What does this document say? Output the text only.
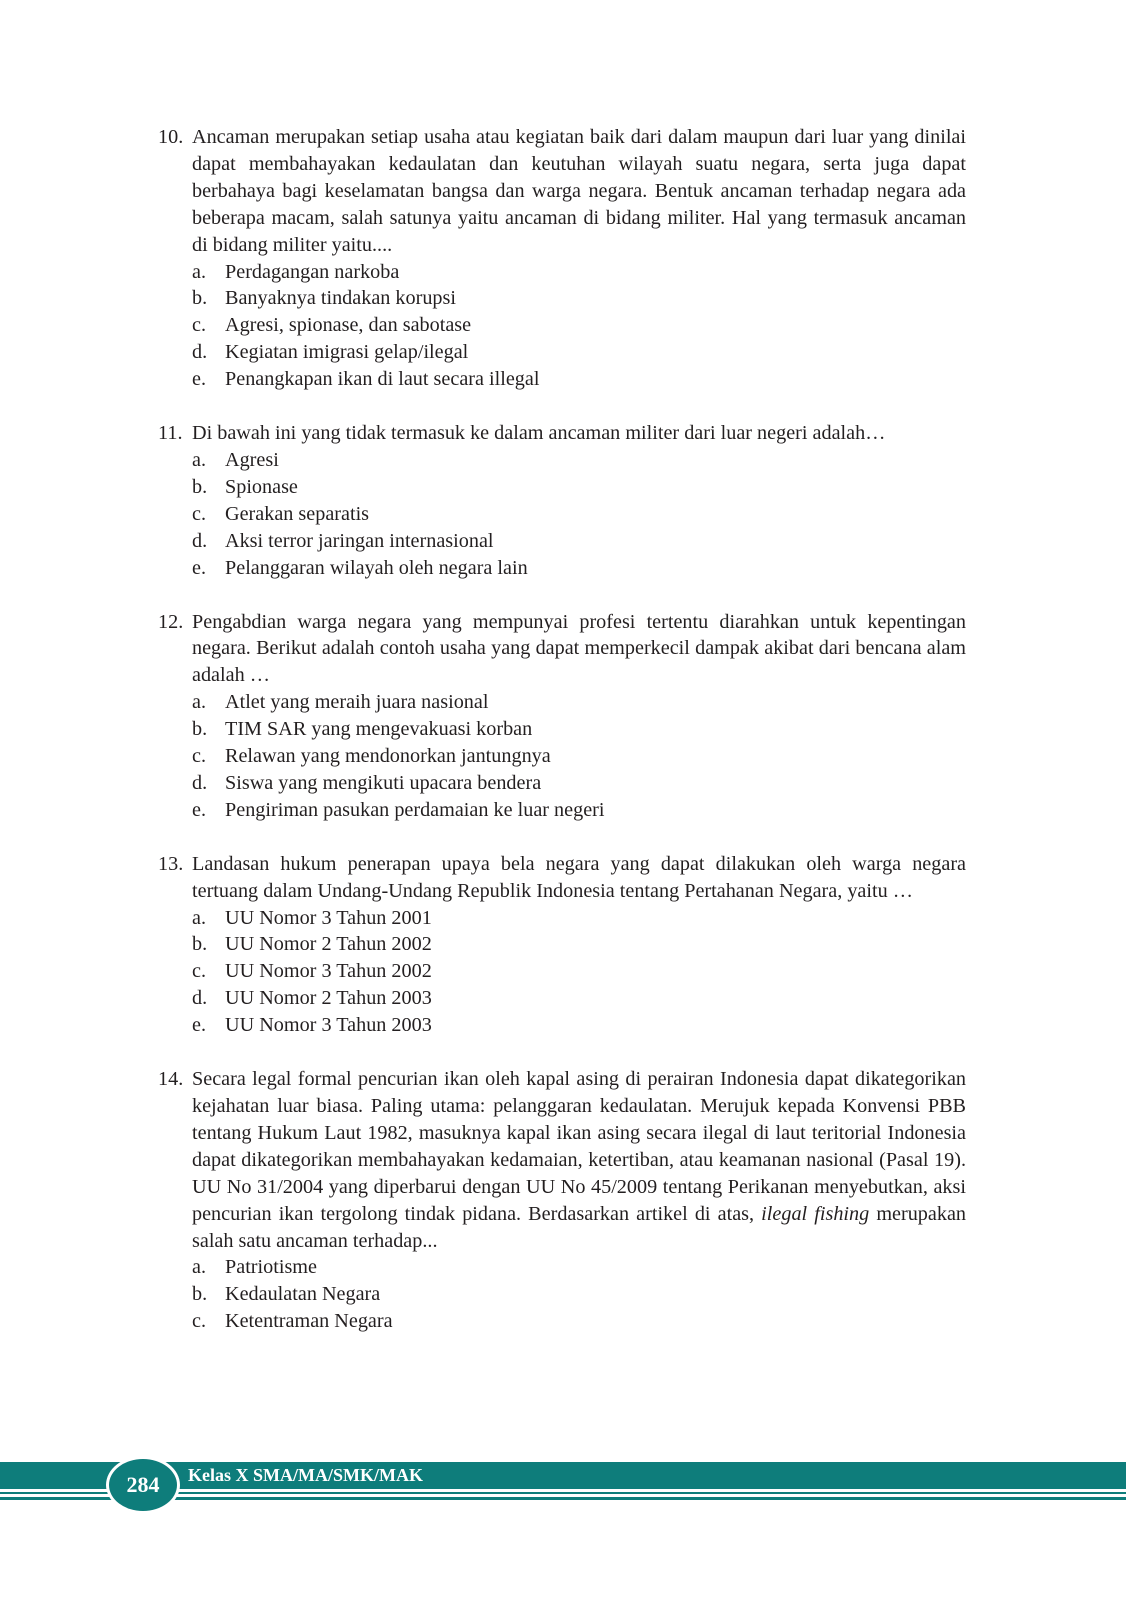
10. Ancaman merupakan setiap usaha atau kegiatan baik dari dalam maupun dari luar yang dinilai dapat membahayakan kedaulatan dan keutuhan wilayah suatu negara, serta juga dapat berbahaya bagi keselamatan bangsa dan warga negara. Bentuk ancaman terhadap negara ada beberapa macam, salah satunya yaitu ancaman di bidang militer. Hal yang termasuk ancaman di bidang militer yaitu....
a. Perdagangan narkoba
b. Banyaknya tindakan korupsi
c. Agresi, spionase, dan sabotase
d. Kegiatan imigrasi gelap/ilegal
e. Penangkapan ikan di laut secara illegal
11. Di bawah ini yang tidak termasuk ke dalam ancaman militer dari luar negeri adalah…
a. Agresi
b. Spionase
c. Gerakan separatis
d. Aksi terror jaringan internasional
e. Pelanggaran wilayah oleh negara lain
12. Pengabdian warga negara yang mempunyai profesi tertentu diarahkan untuk kepentingan negara. Berikut adalah contoh usaha yang dapat memperkecil dampak akibat dari bencana alam adalah …
a. Atlet yang meraih juara nasional
b. TIM SAR yang mengevakuasi korban
c. Relawan yang mendonorkan jantungnya
d. Siswa yang mengikuti upacara bendera
e. Pengiriman pasukan perdamaian ke luar negeri
13. Landasan hukum penerapan upaya bela negara yang dapat dilakukan oleh warga negara tertuang dalam Undang-Undang Republik Indonesia tentang Pertahanan Negara, yaitu …
a. UU Nomor 3 Tahun 2001
b. UU Nomor 2 Tahun 2002
c. UU Nomor 3 Tahun 2002
d. UU Nomor 2 Tahun 2003
e. UU Nomor 3 Tahun 2003
14. Secara legal formal pencurian ikan oleh kapal asing di perairan Indonesia dapat dikategorikan kejahatan luar biasa. Paling utama: pelanggaran kedaulatan. Merujuk kepada Konvensi PBB tentang Hukum Laut 1982, masuknya kapal ikan asing secara ilegal di laut teritorial Indonesia dapat dikategorikan membahayakan kedamaian, ketertiban, atau keamanan nasional (Pasal 19). UU No 31/2004 yang diperbarui dengan UU No 45/2009 tentang Perikanan menyebutkan, aksi pencurian ikan tergolong tindak pidana. Berdasarkan artikel di atas, ilegal fishing merupakan salah satu ancaman terhadap...
a. Patriotisme
b. Kedaulatan Negara
c. Ketentraman Negara
284 Kelas X SMA/MA/SMK/MAK
